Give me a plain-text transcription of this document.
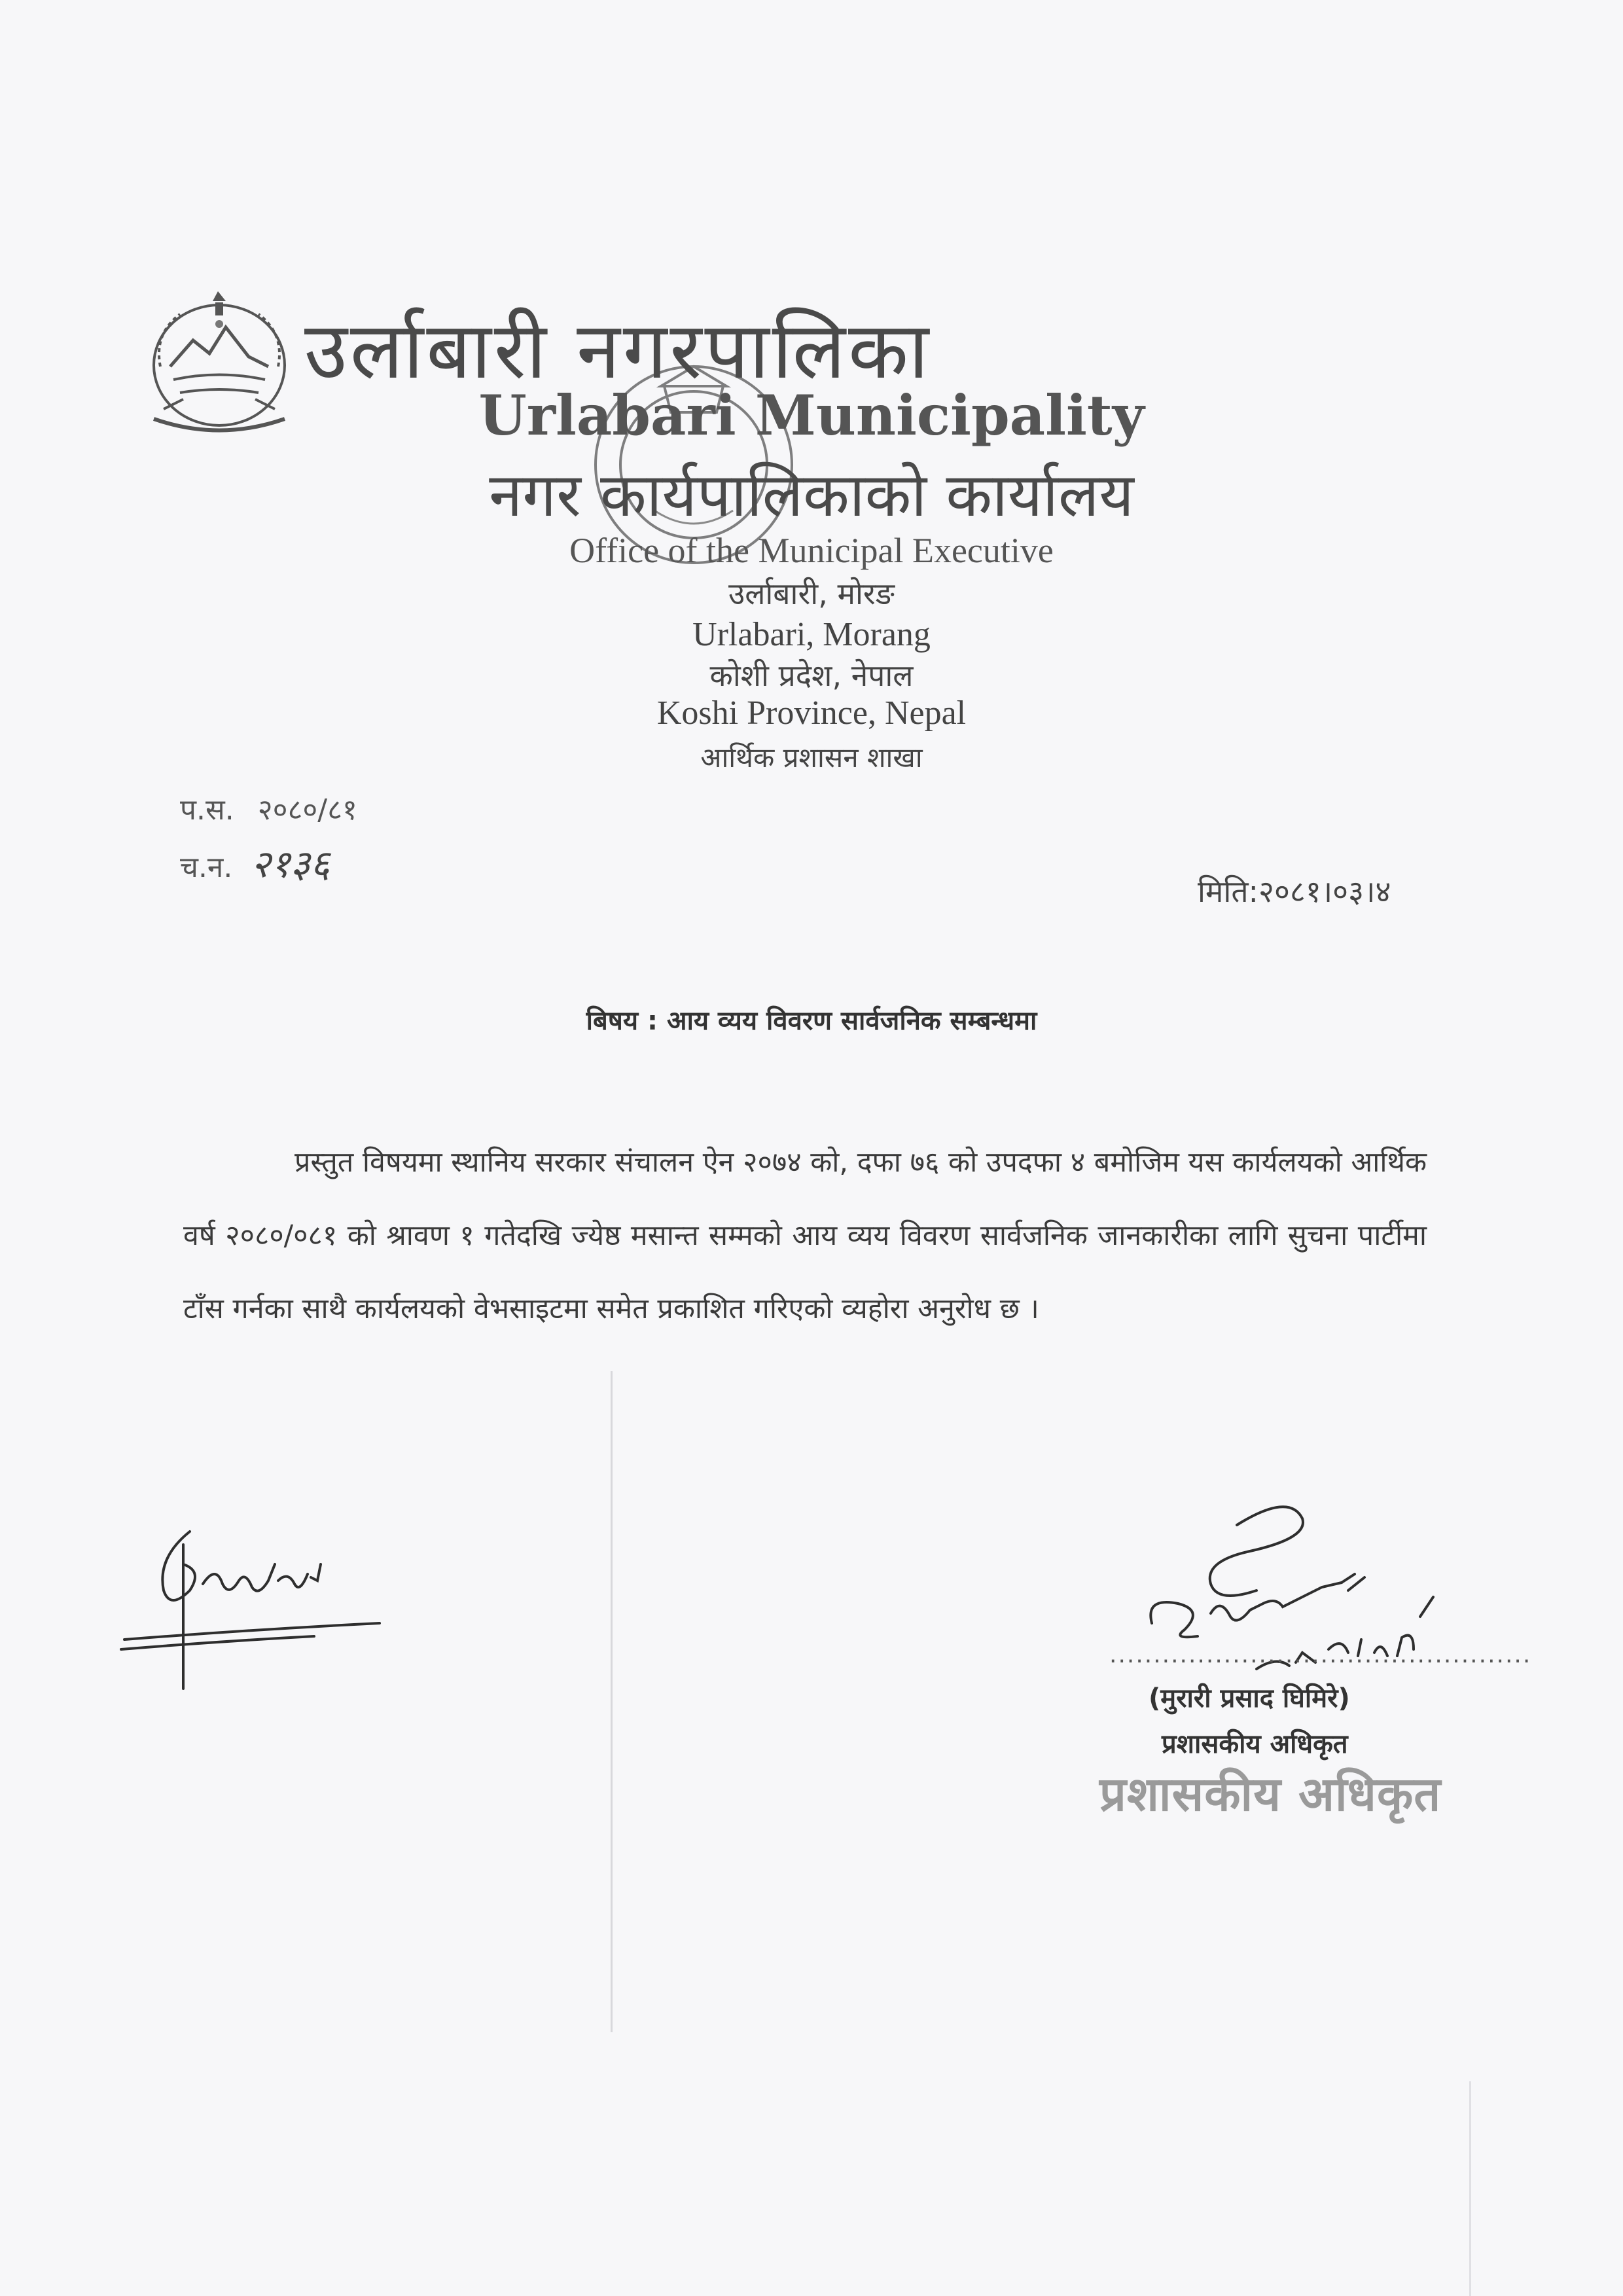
उर्लाबारी नगरपालिका
Urlabari Municipality
नगर कार्यपालिकाको कार्यालय
Office of the Municipal Executive
उर्लाबारी, मोरङ
Urlabari, Morang
कोशी प्रदेश, नेपाल
Koshi Province, Nepal
आर्थिक प्रशासन शाखा
प.स. २०८०/८१
च.न. २१३६
मिति:२०८१।०३।४
बिषय : आय व्यय विवरण सार्वजनिक सम्बन्धमा
प्रस्तुत विषयमा स्थानिय सरकार संचालन ऐन २०७४ को, दफा ७६ को उपदफा ४ बमोजिम यस कार्यलयको आर्थिक वर्ष २०८०/०८१ को श्रावण १ गतेदखि ज्येष्ठ मसान्त सम्मको आय व्यय विवरण सार्वजनिक जानकारीका लागि सुचना पार्टीमा टाँस गर्नका साथै कार्यलयको वेभसाइटमा समेत प्रकाशित गरिएको व्यहोरा अनुरोध छ ।
................................................
(मुरारी प्रसाद घिमिरे)
प्रशासकीय अधिकृत
प्रशासकीय अधिकृत
